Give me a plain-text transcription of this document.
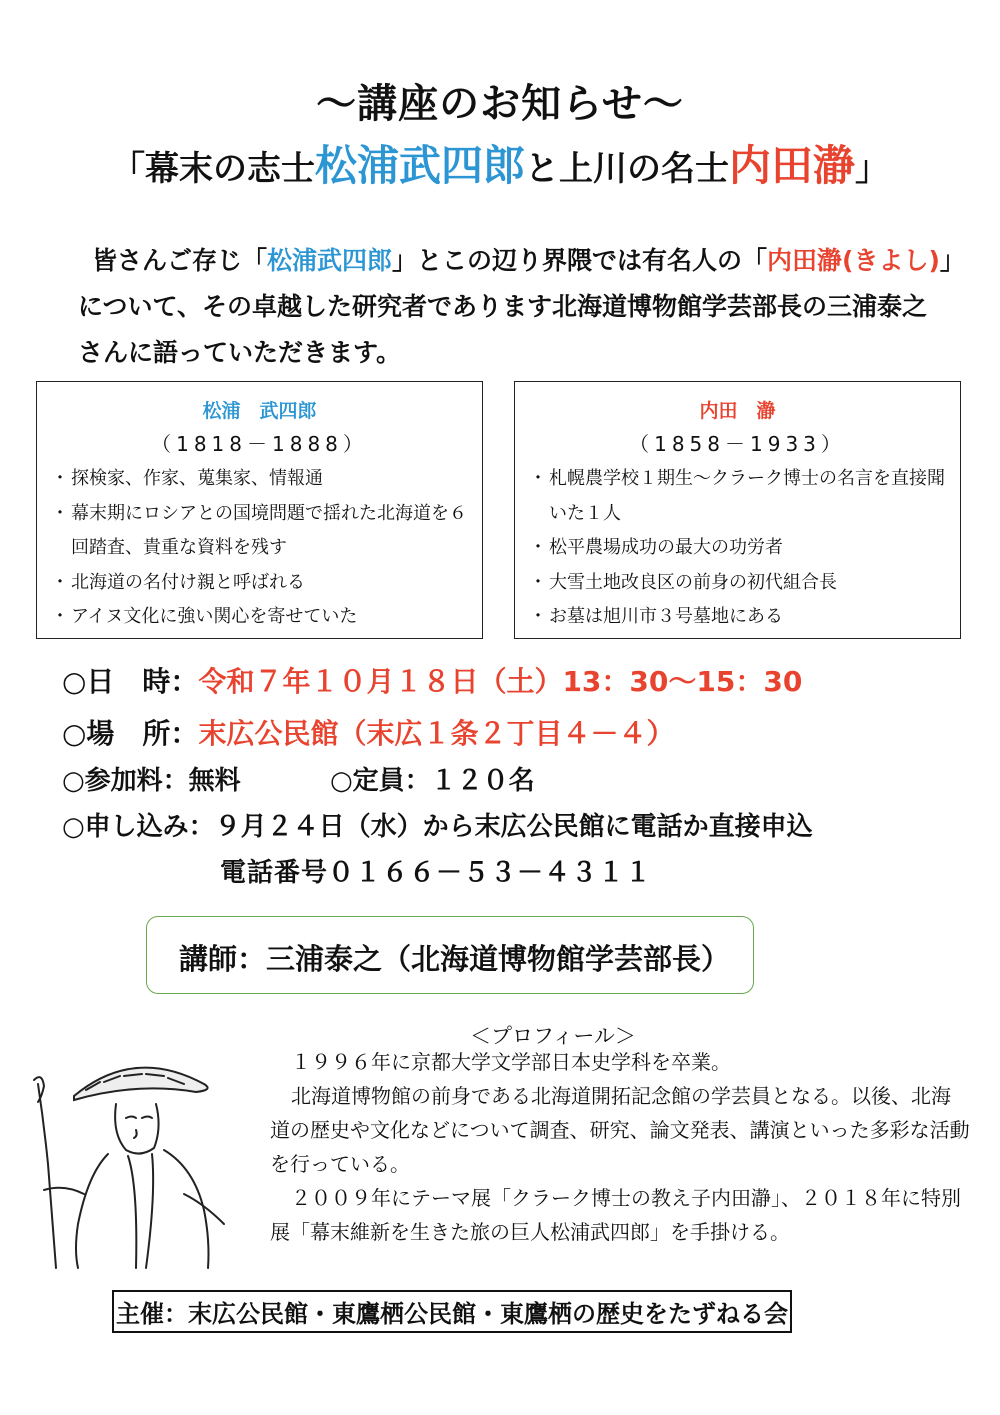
～講座のお知らせ～
「幕末の志士松浦武四郎と上川の名士内田瀞」
皆さんご存じ「松浦武四郎」とこの辺り界隈では有名人の「内田瀞(きよし)」
について、その卓越した研究者であります北海道博物館学芸部長の三浦泰之
さんに語っていただきます。
松浦　武四郎
（1818－1888）
・ 探検家、作家、蒐集家、情報通
・ 幕末期にロシアとの国境問題で揺れた北海道を６回踏査、貴重な資料を残す
・ 北海道の名付け親と呼ばれる
・ アイヌ文化に強い関心を寄せていた
内田　瀞
（1858－1933）
・ 札幌農学校１期生～クラーク博士の名言を直接聞いた１人
・ 松平農場成功の最大の功労者
・ 大雪土地改良区の前身の初代組合長
・ お墓は旭川市３号墓地にある
○日　時：令和７年１０月１８日（土）13：30～15：30
○場　所：末広公民館（末広１条２丁目４－４）
○参加料：無料	○定員：１２０名
○申し込み：９月２４日（水）から末広公民館に電話か直接申込
電話番号０１６６－５３－４３１１
講師：三浦泰之（北海道博物館学芸部長）
＜プロフィール＞

１９９６年に京都大学文学部日本史学科を卒業。

北海道博物館の前身である北海道開拓記念館の学芸員となる。以後、北海道の歴史や文化などについて調査、研究、論文発表、講演といった多彩な活動を行っている。

２００９年にテーマ展「クラーク博士の教え子内田瀞」、２０１８年に特別展「幕末維新を生きた旅の巨人松浦武四郎」を手掛ける。

主催：末広公民館・東鷹栖公民館・東鷹栖の歴史をたずねる会
